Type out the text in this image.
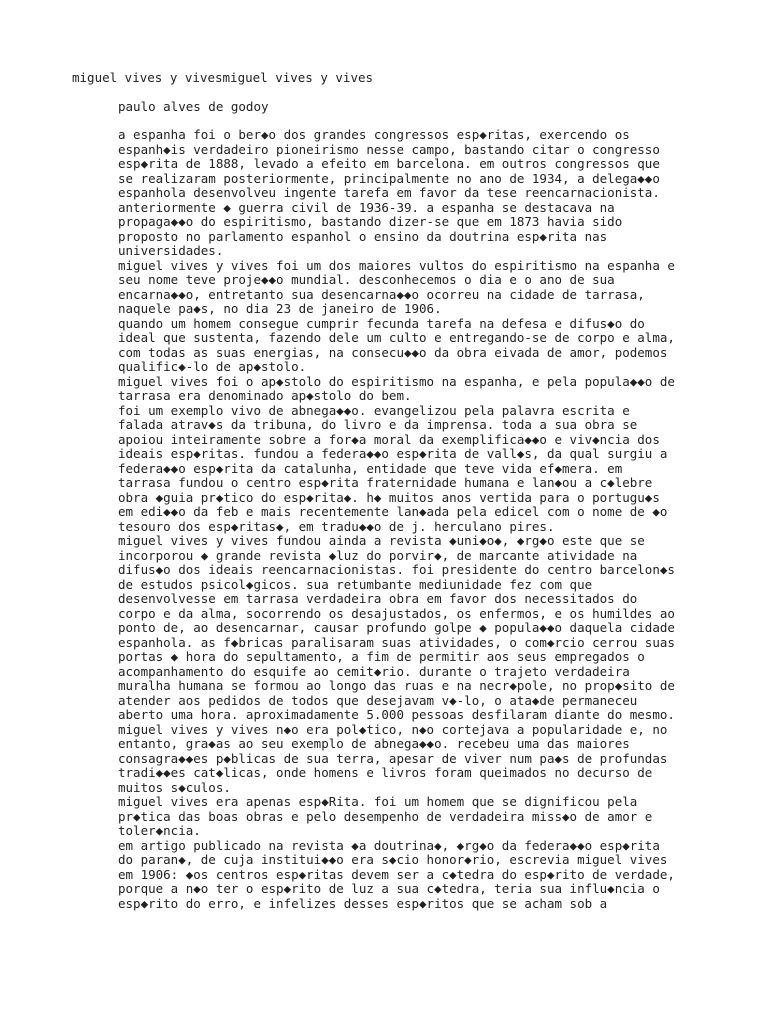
miguel vives y vivesmiguel vives y vives
paulo alves de godoy
a espanha foi o ber◆o dos grandes congressos esp◆ritas, exercendo os
espanh◆is verdadeiro pioneirismo nesse campo, bastando citar o congresso
esp◆rita de 1888, levado a efeito em barcelona. em outros congressos que
se realizaram posteriormente, principalmente no ano de 1934, a delega◆◆o
espanhola desenvolveu ingente tarefa em favor da tese reencarnacionista.
anteriormente ◆ guerra civil de 1936-39. a espanha se destacava na
propaga◆◆o do espiritismo, bastando dizer-se que em 1873 havia sido
proposto no parlamento espanhol o ensino da doutrina esp◆rita nas
universidades.
miguel vives y vives foi um dos maiores vultos do espiritismo na espanha e
seu nome teve proje◆◆o mundial. desconhecemos o dia e o ano de sua
encarna◆◆o, entretanto sua desencarna◆◆o ocorreu na cidade de tarrasa,
naquele pa◆s, no dia 23 de janeiro de 1906.
quando um homem consegue cumprir fecunda tarefa na defesa e difus◆o do
ideal que sustenta, fazendo dele um culto e entregando-se de corpo e alma,
com todas as suas energias, na consecu◆◆o da obra eivada de amor, podemos
qualific◆-lo de ap◆stolo.
miguel vives foi o ap◆stolo do espiritismo na espanha, e pela popula◆◆o de
tarrasa era denominado ap◆stolo do bem.
foi um exemplo vivo de abnega◆◆o. evangelizou pela palavra escrita e
falada atrav◆s da tribuna, do livro e da imprensa. toda a sua obra se
apoiou inteiramente sobre a for◆a moral da exemplifica◆◆o e viv◆ncia dos
ideais esp◆ritas. fundou a federa◆◆o esp◆rita de vall◆s, da qual surgiu a
federa◆◆o esp◆rita da catalunha, entidade que teve vida ef◆mera. em
tarrasa fundou o centro esp◆rita fraternidade humana e lan◆ou a c◆lebre
obra ◆guia pr◆tico do esp◆rita◆. h◆ muitos anos vertida para o portugu◆s
em edi◆◆o da feb e mais recentemente lan◆ada pela edicel com o nome de ◆o
tesouro dos esp◆ritas◆, em tradu◆◆o de j. herculano pires.
miguel vives y vives fundou ainda a revista ◆uni◆o◆, ◆rg◆o este que se
incorporou ◆ grande revista ◆luz do porvir◆, de marcante atividade na
difus◆o dos ideais reencarnacionistas. foi presidente do centro barcelon◆s
de estudos psicol◆gicos. sua retumbante mediunidade fez com que
desenvolvesse em tarrasa verdadeira obra em favor dos necessitados do
corpo e da alma, socorrendo os desajustados, os enfermos, e os humildes ao
ponto de, ao desencarnar, causar profundo golpe ◆ popula◆◆o daquela cidade
espanhola. as f◆bricas paralisaram suas atividades, o com◆rcio cerrou suas
portas ◆ hora do sepultamento, a fim de permitir aos seus empregados o
acompanhamento do esquife ao cemit◆rio. durante o trajeto verdadeira
muralha humana se formou ao longo das ruas e na necr◆pole, no prop◆sito de
atender aos pedidos de todos que desejavam v◆-lo, o ata◆de permaneceu
aberto uma hora. aproximadamente 5.000 pessoas desfilaram diante do mesmo.
miguel vives y vives n◆o era pol◆tico, n◆o cortejava a popularidade e, no
entanto, gra◆as ao seu exemplo de abnega◆◆o. recebeu uma das maiores
consagra◆◆es p◆blicas de sua terra, apesar de viver num pa◆s de profundas
tradi◆◆es cat◆licas, onde homens e livros foram queimados no decurso de
muitos s◆culos.
miguel vives era apenas esp◆Rita. foi um homem que se dignificou pela
pr◆tica das boas obras e pelo desempenho de verdadeira miss◆o de amor e
toler◆ncia.
em artigo publicado na revista ◆a doutrina◆, ◆rg◆o da federa◆◆o esp◆rita
do paran◆, de cuja institui◆◆o era s◆cio honor◆rio, escrevia miguel vives
em 1906: ◆os centros esp◆ritas devem ser a c◆tedra do esp◆rito de verdade,
porque a n◆o ter o esp◆rito de luz a sua c◆tedra, teria sua influ◆ncia o
esp◆rito do erro, e infelizes desses esp◆ritos que se acham sob a
